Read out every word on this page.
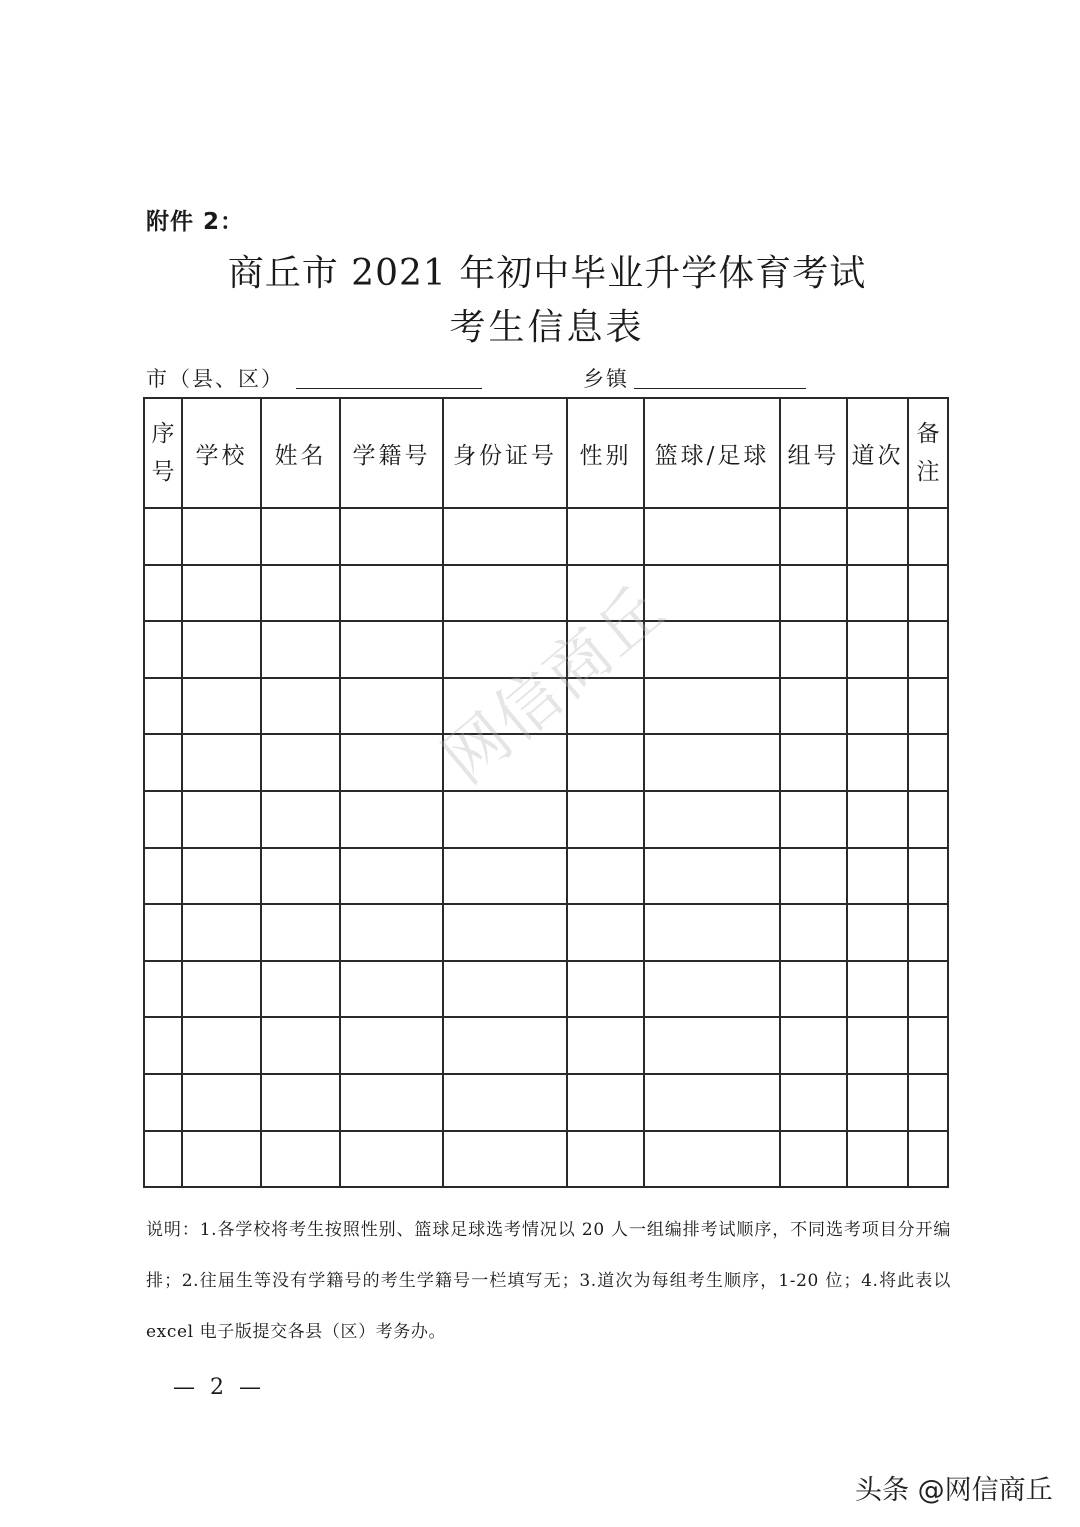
附件 2：
商丘市 2021 年初中毕业升学体育考试
考生信息表
市（县、区）	乡镇
序号	学校	姓名	学籍号	身份证号	性别	篮球/足球	组号	道次	备注

网信商丘
说明：1.各学校将考生按照性别、篮球足球选考情况以 20 人一组编排考试顺序，不同选考项目分开编排；2.往届生等没有学籍号的考生学籍号一栏填写无；3.道次为每组考生顺序，1-20 位；4.将此表以 excel 电子版提交各县（区）考务办。
— 2 —
头条 @网信商丘
